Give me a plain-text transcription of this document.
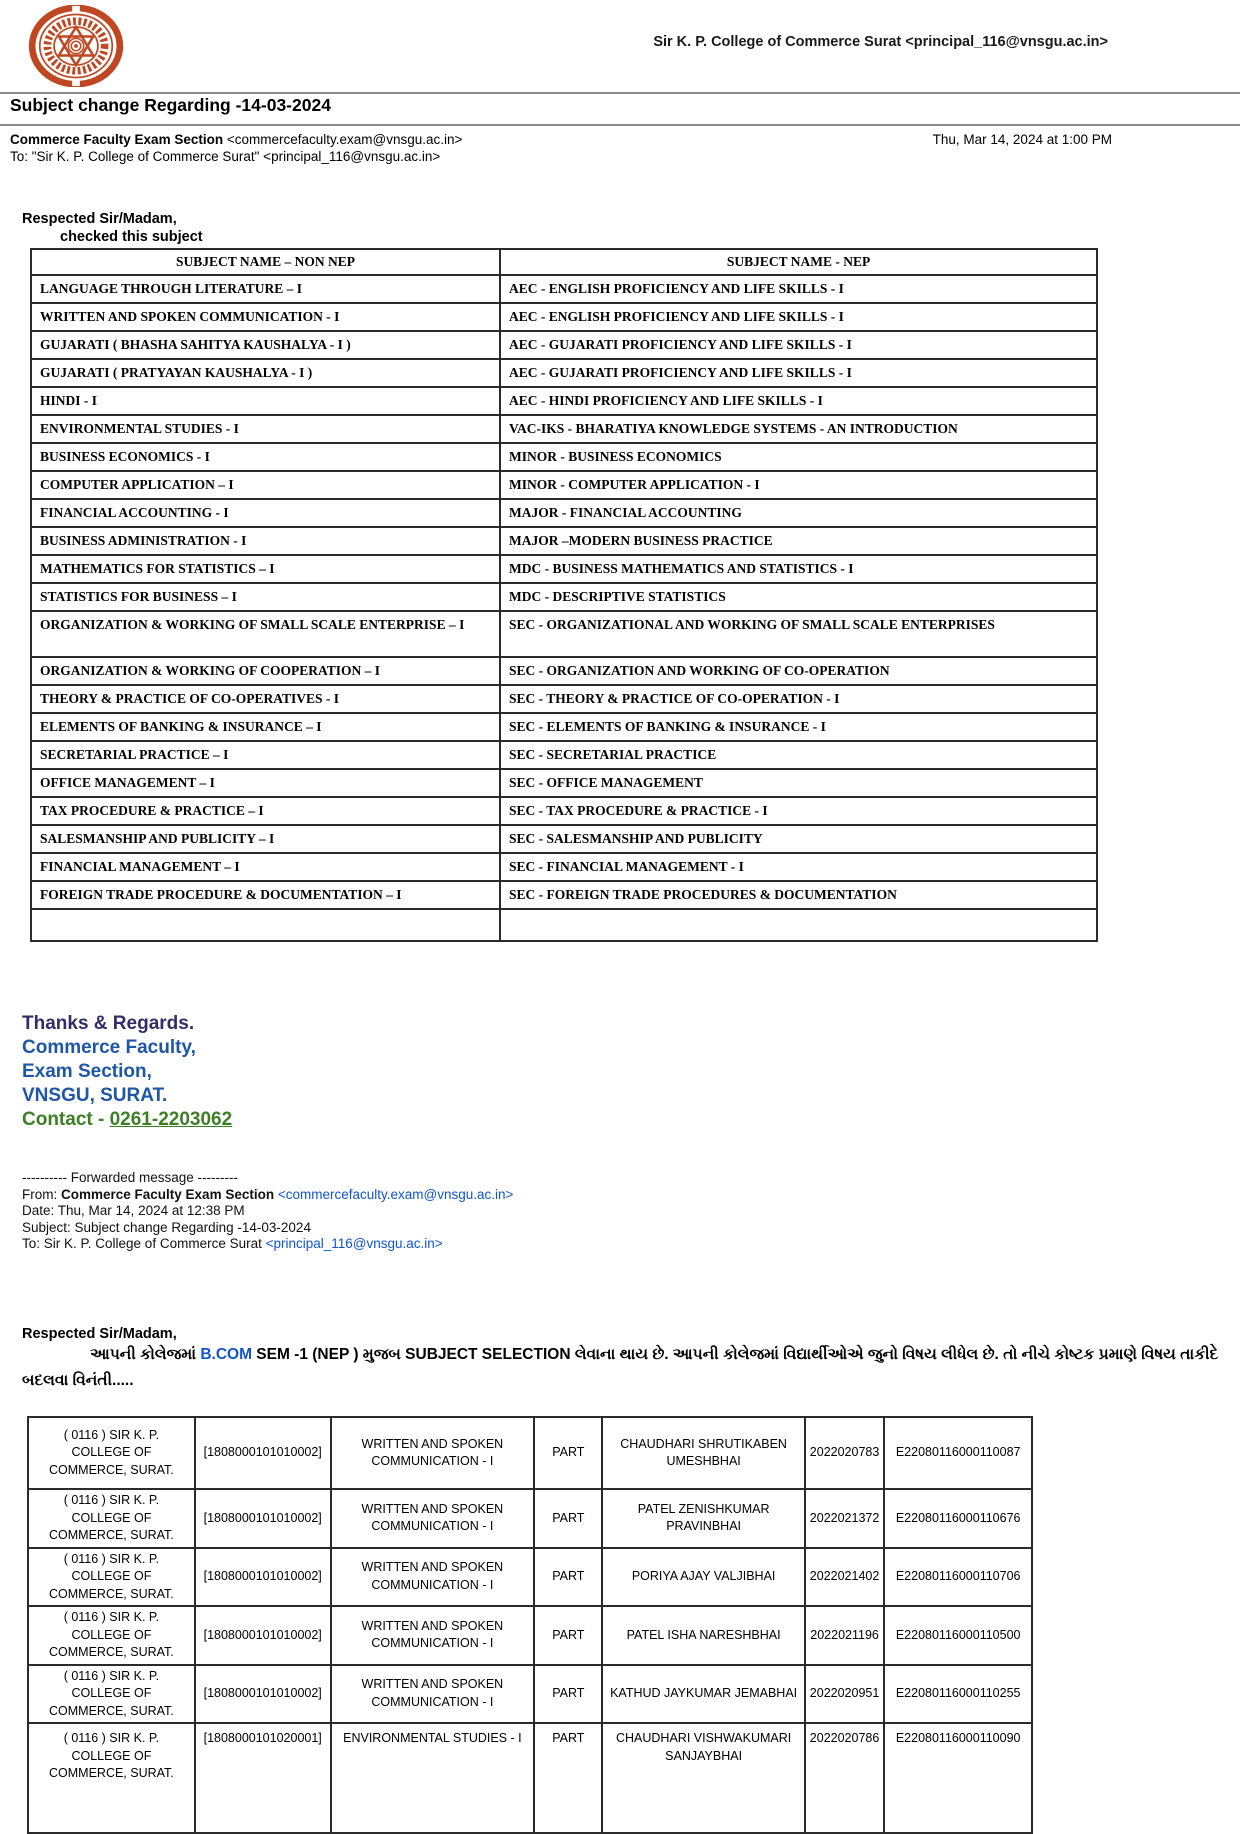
Sir K. P. College of Commerce Surat <principal_116@vnsgu.ac.in>
Subject change Regarding -14-03-2024
Commerce Faculty Exam Section <commercefaculty.exam@vnsgu.ac.in>	Thu, Mar 14, 2024 at 1:00 PM
To: "Sir K. P. College of Commerce Surat" <principal_116@vnsgu.ac.in>
Respected Sir/Madam,
checked this subject
SUBJECT NAME – NON NEP	SUBJECT NAME - NEP
LANGUAGE THROUGH LITERATURE – I	AEC - ENGLISH PROFICIENCY AND LIFE SKILLS - I
WRITTEN AND SPOKEN COMMUNICATION - I	AEC - ENGLISH PROFICIENCY AND LIFE SKILLS - I
GUJARATI ( BHASHA SAHITYA KAUSHALYA - I )	AEC - GUJARATI PROFICIENCY AND LIFE SKILLS - I
GUJARATI ( PRATYAYAN KAUSHALYA - I )	AEC - GUJARATI PROFICIENCY AND LIFE SKILLS - I
HINDI - I	AEC - HINDI PROFICIENCY AND LIFE SKILLS - I
ENVIRONMENTAL STUDIES - I	VAC-IKS - BHARATIYA KNOWLEDGE SYSTEMS - AN INTRODUCTION
BUSINESS ECONOMICS - I	MINOR - BUSINESS ECONOMICS
COMPUTER APPLICATION – I	MINOR - COMPUTER APPLICATION - I
FINANCIAL ACCOUNTING - I	MAJOR - FINANCIAL ACCOUNTING
BUSINESS ADMINISTRATION - I	MAJOR –MODERN BUSINESS PRACTICE
MATHEMATICS FOR STATISTICS – I	MDC - BUSINESS MATHEMATICS AND STATISTICS - I
STATISTICS FOR BUSINESS – I	MDC - DESCRIPTIVE STATISTICS
ORGANIZATION & WORKING OF SMALL SCALE ENTERPRISE – I	SEC - ORGANIZATIONAL AND WORKING OF SMALL SCALE ENTERPRISES
ORGANIZATION & WORKING OF COOPERATION – I	SEC - ORGANIZATION AND WORKING OF CO-OPERATION
THEORY & PRACTICE OF CO-OPERATIVES - I	SEC - THEORY & PRACTICE OF CO-OPERATION - I
ELEMENTS OF BANKING & INSURANCE – I	SEC - ELEMENTS OF BANKING & INSURANCE - I
SECRETARIAL PRACTICE – I	SEC - SECRETARIAL PRACTICE
OFFICE MANAGEMENT – I	SEC - OFFICE MANAGEMENT
TAX PROCEDURE & PRACTICE – I	SEC - TAX PROCEDURE & PRACTICE - I
SALESMANSHIP AND PUBLICITY – I	SEC - SALESMANSHIP AND PUBLICITY
FINANCIAL MANAGEMENT – I	SEC - FINANCIAL MANAGEMENT - I
FOREIGN TRADE PROCEDURE & DOCUMENTATION – I	SEC - FOREIGN TRADE PROCEDURES & DOCUMENTATION

Thanks & Regards.
Commerce Faculty,
Exam Section,
VNSGU, SURAT.
Contact - 0261-2203062
---------- Forwarded message ---------
From: Commerce Faculty Exam Section <commercefaculty.exam@vnsgu.ac.in>
Date: Thu, Mar 14, 2024 at 12:38 PM
Subject: Subject change Regarding -14-03-2024
To: Sir K. P. College of Commerce Surat <principal_116@vnsgu.ac.in>
Respected Sir/Madam,

આપની કોલેજમાં B.COM SEM -1 (NEP ) મુજબ SUBJECT SELECTION લેવાના થાય છે. આપની કોલેજમાં વિદ્યાર્થીઓએ જુનો વિષય લીધેલ છે. તો નીચે કોષ્ટક પ્રમાણે વિષય તાકીદે બદલવા વિનંતી.....

( 0116 ) SIR K. P. COLLEGE OF COMMERCE, SURAT.	[1808000101010002]	WRITTEN AND SPOKEN COMMUNICATION - I	PART	CHAUDHARI SHRUTIKABEN UMESHBHAI	2022020783	E22080116000110087
( 0116 ) SIR K. P. COLLEGE OF COMMERCE, SURAT.	[1808000101010002]	WRITTEN AND SPOKEN COMMUNICATION - I	PART	PATEL ZENISHKUMAR PRAVINBHAI	2022021372	E22080116000110676
( 0116 ) SIR K. P. COLLEGE OF COMMERCE, SURAT.	[1808000101010002]	WRITTEN AND SPOKEN COMMUNICATION - I	PART	PORIYA AJAY VALJIBHAI	2022021402	E22080116000110706
( 0116 ) SIR K. P. COLLEGE OF COMMERCE, SURAT.	[1808000101010002]	WRITTEN AND SPOKEN COMMUNICATION - I	PART	PATEL ISHA NARESHBHAI	2022021196	E22080116000110500
( 0116 ) SIR K. P. COLLEGE OF COMMERCE, SURAT.	[1808000101010002]	WRITTEN AND SPOKEN COMMUNICATION - I	PART	KATHUD JAYKUMAR JEMABHAI	2022020951	E22080116000110255
( 0116 ) SIR K. P. COLLEGE OF COMMERCE, SURAT.	[1808000101020001]	ENVIRONMENTAL STUDIES - I	PART	CHAUDHARI VISHWAKUMARI SANJAYBHAI	2022020786	E22080116000110090
